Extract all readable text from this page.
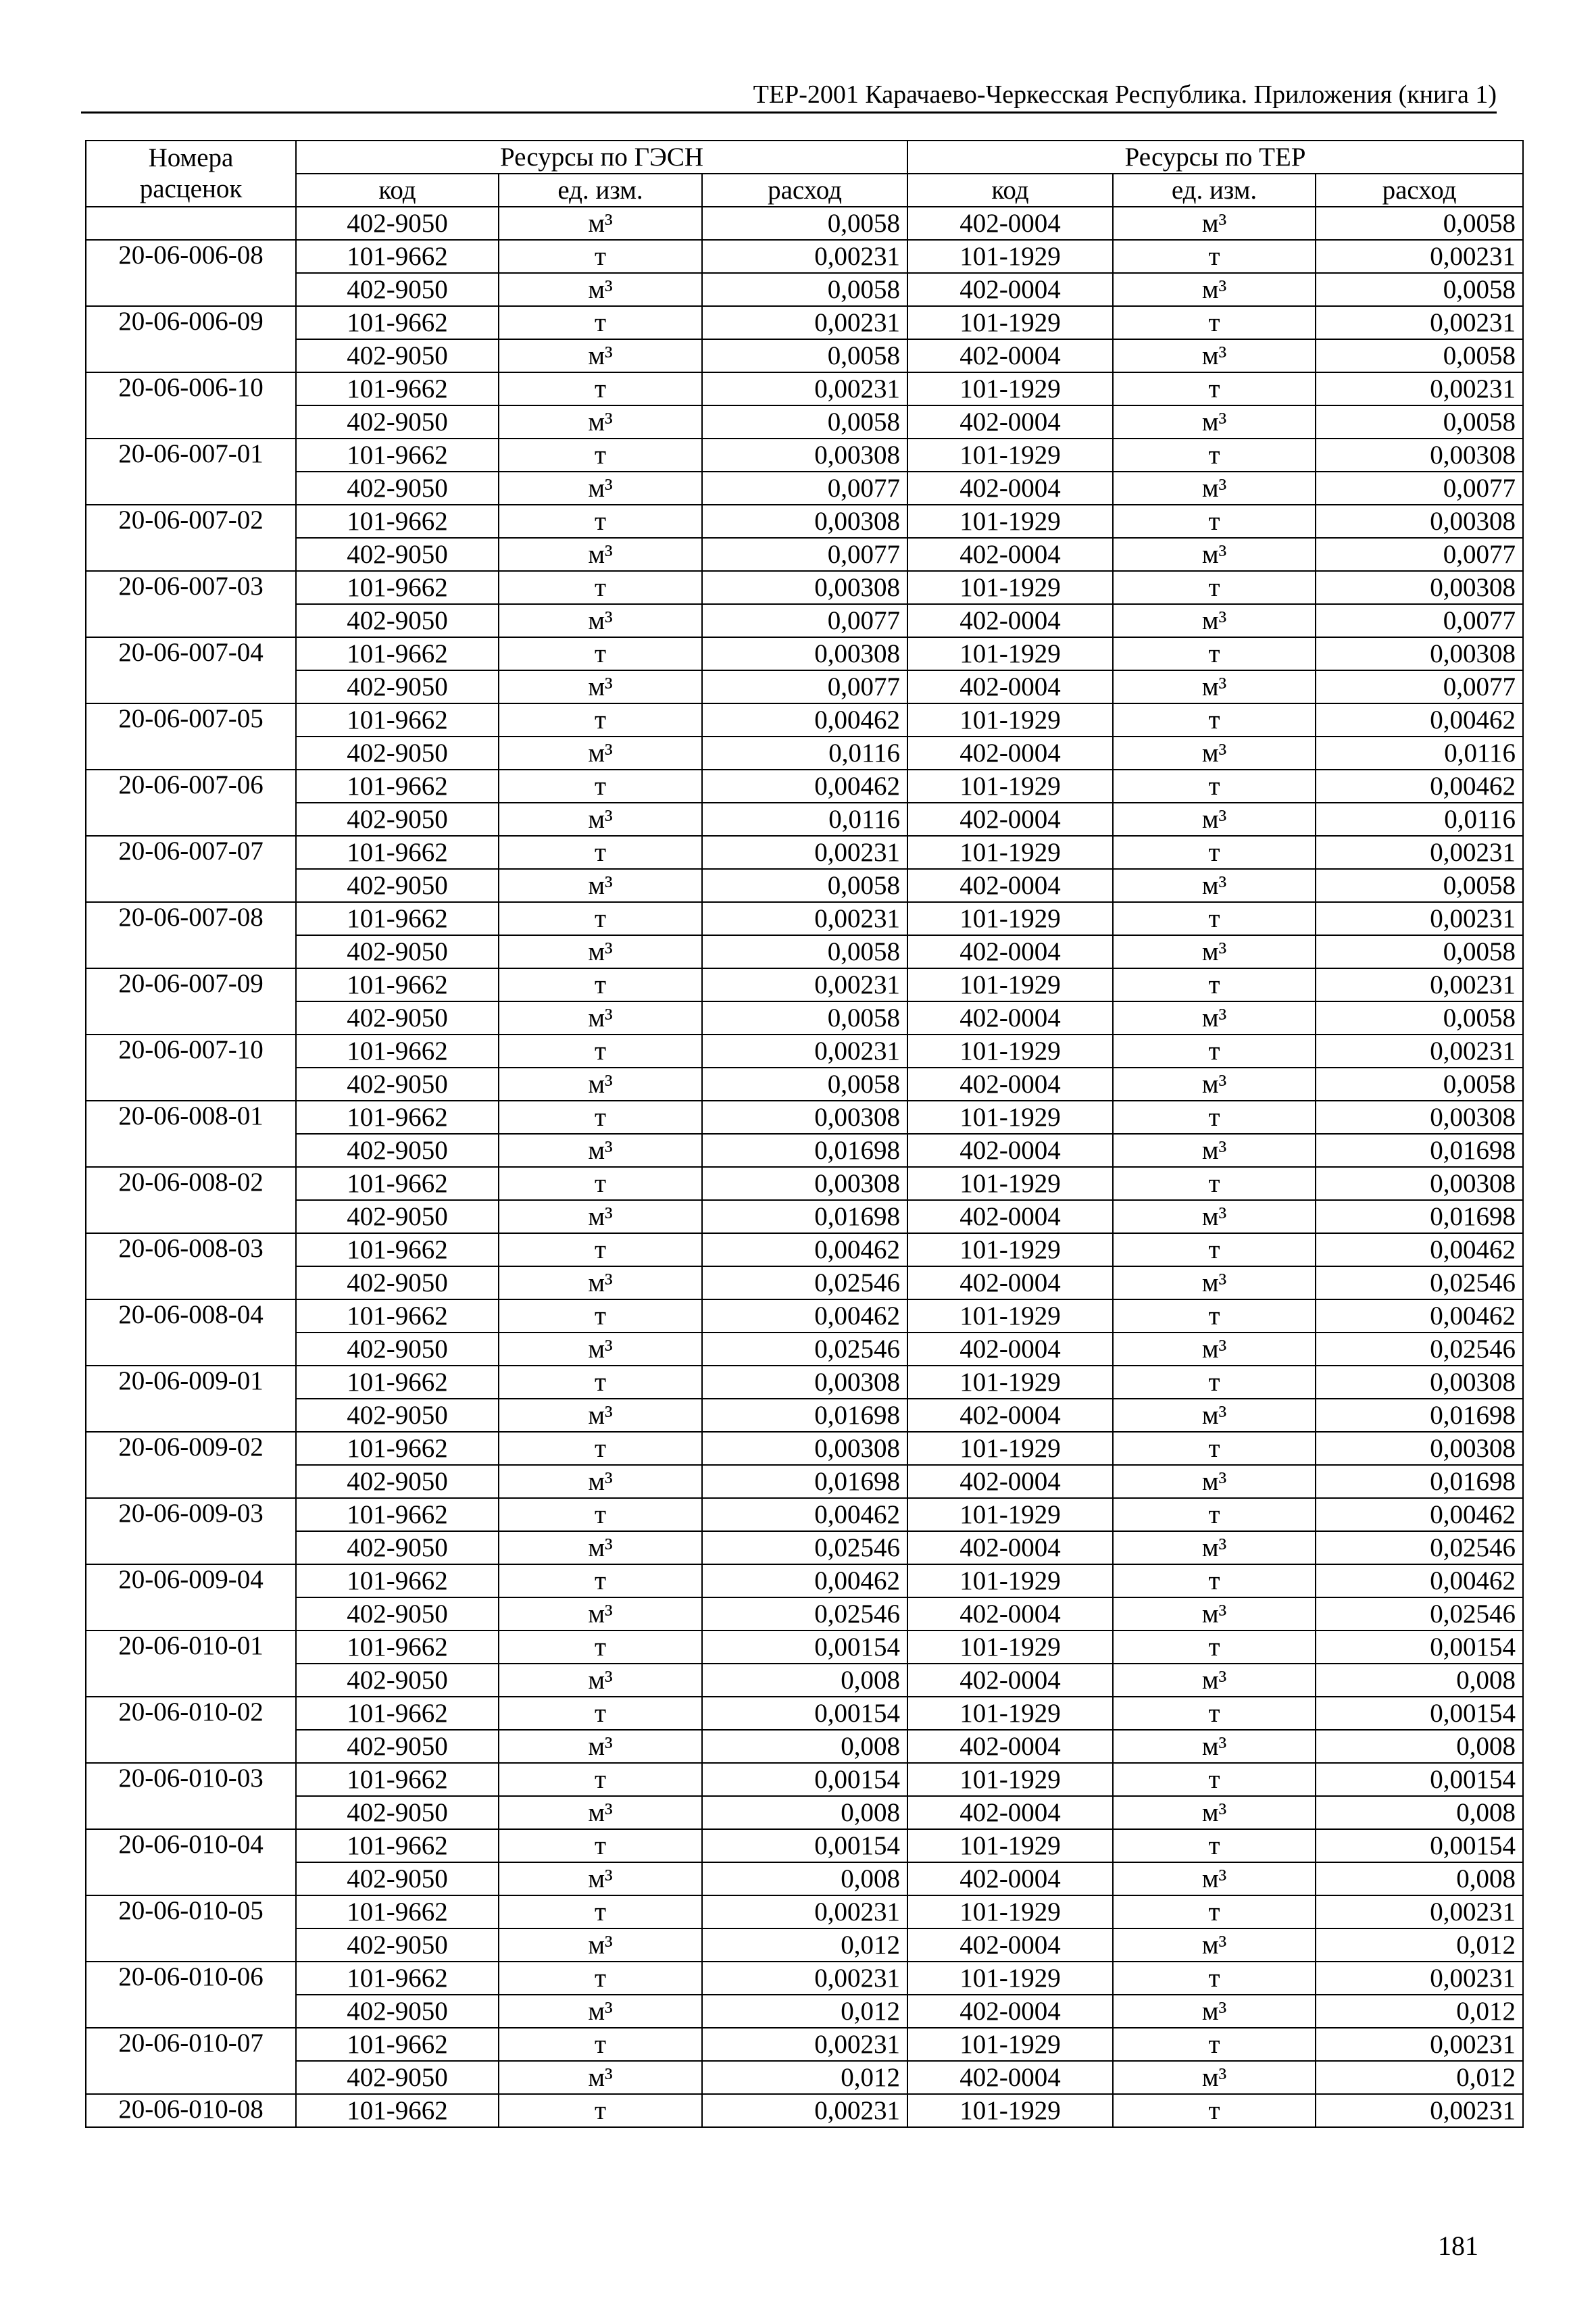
ТЕР-2001 Карачаево-Черкесская Республика. Приложения (книга 1)
Номера
расценок	Ресурсы по ГЭСН			Ресурсы по ТЕР		
	код	ед. изм.	расход	код	ед. изм.	расход
	402-9050	м³	0,0058	402-0004	м³	0,0058
20-06-006-08	101-9662	т	0,00231	101-1929	т	0,00231
	402-9050	м³	0,0058	402-0004	м³	0,0058
20-06-006-09	101-9662	т	0,00231	101-1929	т	0,00231
	402-9050	м³	0,0058	402-0004	м³	0,0058
20-06-006-10	101-9662	т	0,00231	101-1929	т	0,00231
	402-9050	м³	0,0058	402-0004	м³	0,0058
20-06-007-01	101-9662	т	0,00308	101-1929	т	0,00308
	402-9050	м³	0,0077	402-0004	м³	0,0077
20-06-007-02	101-9662	т	0,00308	101-1929	т	0,00308
	402-9050	м³	0,0077	402-0004	м³	0,0077
20-06-007-03	101-9662	т	0,00308	101-1929	т	0,00308
	402-9050	м³	0,0077	402-0004	м³	0,0077
20-06-007-04	101-9662	т	0,00308	101-1929	т	0,00308
	402-9050	м³	0,0077	402-0004	м³	0,0077
20-06-007-05	101-9662	т	0,00462	101-1929	т	0,00462
	402-9050	м³	0,0116	402-0004	м³	0,0116
20-06-007-06	101-9662	т	0,00462	101-1929	т	0,00462
	402-9050	м³	0,0116	402-0004	м³	0,0116
20-06-007-07	101-9662	т	0,00231	101-1929	т	0,00231
	402-9050	м³	0,0058	402-0004	м³	0,0058
20-06-007-08	101-9662	т	0,00231	101-1929	т	0,00231
	402-9050	м³	0,0058	402-0004	м³	0,0058
20-06-007-09	101-9662	т	0,00231	101-1929	т	0,00231
	402-9050	м³	0,0058	402-0004	м³	0,0058
20-06-007-10	101-9662	т	0,00231	101-1929	т	0,00231
	402-9050	м³	0,0058	402-0004	м³	0,0058
20-06-008-01	101-9662	т	0,00308	101-1929	т	0,00308
	402-9050	м³	0,01698	402-0004	м³	0,01698
20-06-008-02	101-9662	т	0,00308	101-1929	т	0,00308
	402-9050	м³	0,01698	402-0004	м³	0,01698
20-06-008-03	101-9662	т	0,00462	101-1929	т	0,00462
	402-9050	м³	0,02546	402-0004	м³	0,02546
20-06-008-04	101-9662	т	0,00462	101-1929	т	0,00462
	402-9050	м³	0,02546	402-0004	м³	0,02546
20-06-009-01	101-9662	т	0,00308	101-1929	т	0,00308
	402-9050	м³	0,01698	402-0004	м³	0,01698
20-06-009-02	101-9662	т	0,00308	101-1929	т	0,00308
	402-9050	м³	0,01698	402-0004	м³	0,01698
20-06-009-03	101-9662	т	0,00462	101-1929	т	0,00462
	402-9050	м³	0,02546	402-0004	м³	0,02546
20-06-009-04	101-9662	т	0,00462	101-1929	т	0,00462
	402-9050	м³	0,02546	402-0004	м³	0,02546
20-06-010-01	101-9662	т	0,00154	101-1929	т	0,00154
	402-9050	м³	0,008	402-0004	м³	0,008
20-06-010-02	101-9662	т	0,00154	101-1929	т	0,00154
	402-9050	м³	0,008	402-0004	м³	0,008
20-06-010-03	101-9662	т	0,00154	101-1929	т	0,00154
	402-9050	м³	0,008	402-0004	м³	0,008
20-06-010-04	101-9662	т	0,00154	101-1929	т	0,00154
	402-9050	м³	0,008	402-0004	м³	0,008
20-06-010-05	101-9662	т	0,00231	101-1929	т	0,00231
	402-9050	м³	0,012	402-0004	м³	0,012
20-06-010-06	101-9662	т	0,00231	101-1929	т	0,00231
	402-9050	м³	0,012	402-0004	м³	0,012
20-06-010-07	101-9662	т	0,00231	101-1929	т	0,00231
	402-9050	м³	0,012	402-0004	м³	0,012
20-06-010-08	101-9662	т	0,00231	101-1929	т	0,00231
181
